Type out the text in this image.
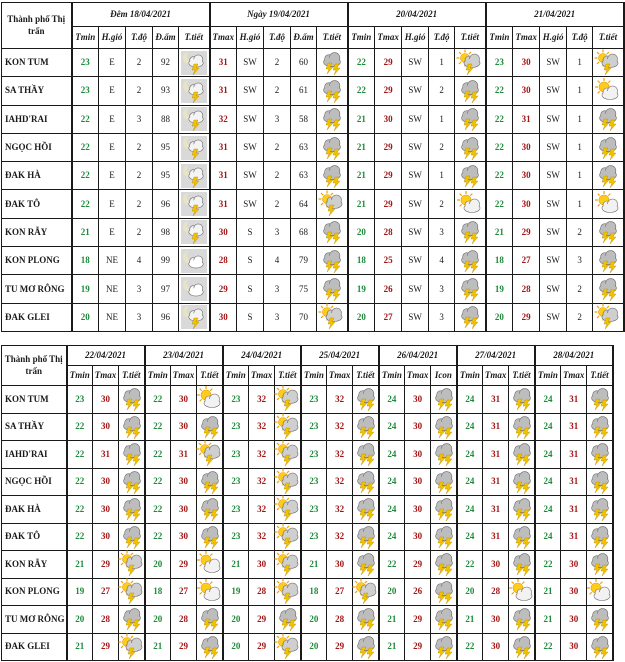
Thành phố Thị trấn	Đêm 18/04/2021					Ngày 19/04/2021					20/04/2021					21/04/2021				
	Tmin	H.gió	T.độ	Đ.ẩm	T.tiết	Tmax	H.gió	T.độ	Đ.ẩm	T.tiết	Tmin	Tmax	H.gió	T.độ	T.tiết	Tmin	Tmax	H.gió	T.độ	T.tiết
KON TUM	23	E	2	92		31	SW	2	60		22	29	SW	1		23	30	SW	1	

SA THẦY	23	E	2	93		31	SW	2	61		22	29	SW	2		22	30	SW	1	

IAHD'RAI	22	E	3	88		32	SW	3	58		21	30	SW	1		22	31	SW	1	

NGỌC HỒI	22	E	2	95		31	SW	2	63		21	29	SW	2		22	30	SW	1	

ĐAK HÀ	22	E	2	95		31	SW	2	63		21	29	SW	1		22	30	SW	1	

ĐAK TÔ	22	E	2	96		31	SW	2	64		21	29	SW	2		22	30	SW	1	

KON RẪY	21	E	2	98		30	S	3	68		20	28	SW	3		21	29	SW	2	

KON PLONG	18	NE	4	99		28	S	4	79		18	25	SW	4		18	27	SW	3	

TU MƠ RÔNG	19	NE	3	97		29	S	3	75		19	26	SW	3		19	28	SW	2	

ĐAK GLEI	20	NE	3	96		30	S	3	70		20	27	SW	3		20	29	SW	2	
Thành phố Thị trấn	22/04/2021			23/04/2021			24/04/2021			25/04/2021			26/04/2021			27/04/2021			28/04/2021		
	Tmin	Tmax	T.tiết	Tmin	Tmax	T.tiết	Tmin	Tmax	T.tiết	Tmin	Tmax	T.tiết	Tmin	Tmax	Icon	Tmin	Tmax	T.tiết	Tmin	Tmax	T.tiết
KON TUM	23	30		22	30		23	32		23	32		24	30		24	31		24	31	

SA THẦY	22	30		22	30		23	32		23	32		24	30		24	31		24	31	

IAHD'RAI	22	31		22	31		23	32		23	32		24	30		24	31		24	31	

NGỌC HỒI	22	30		22	30		23	32		23	32		24	30		24	31		24	31	

ĐAK HÀ	22	30		22	30		23	32		23	32		24	30		24	31		24	31	

ĐAK TÔ	22	30		22	30		23	32		23	32		24	30		24	31		24	31	

KON RẪY	21	29		20	29		21	30		21	30		22	29		22	30		22	30	

KON PLONG	19	27		18	27		19	28		18	27		20	26		20	28		21	30	

TU MƠ RÔNG	20	28		20	28		20	29		20	28		21	29		21	30		21	30	

ĐAK GLEI	21	29		21	29		20	29		20	29		21	29		22	30		22	30	
